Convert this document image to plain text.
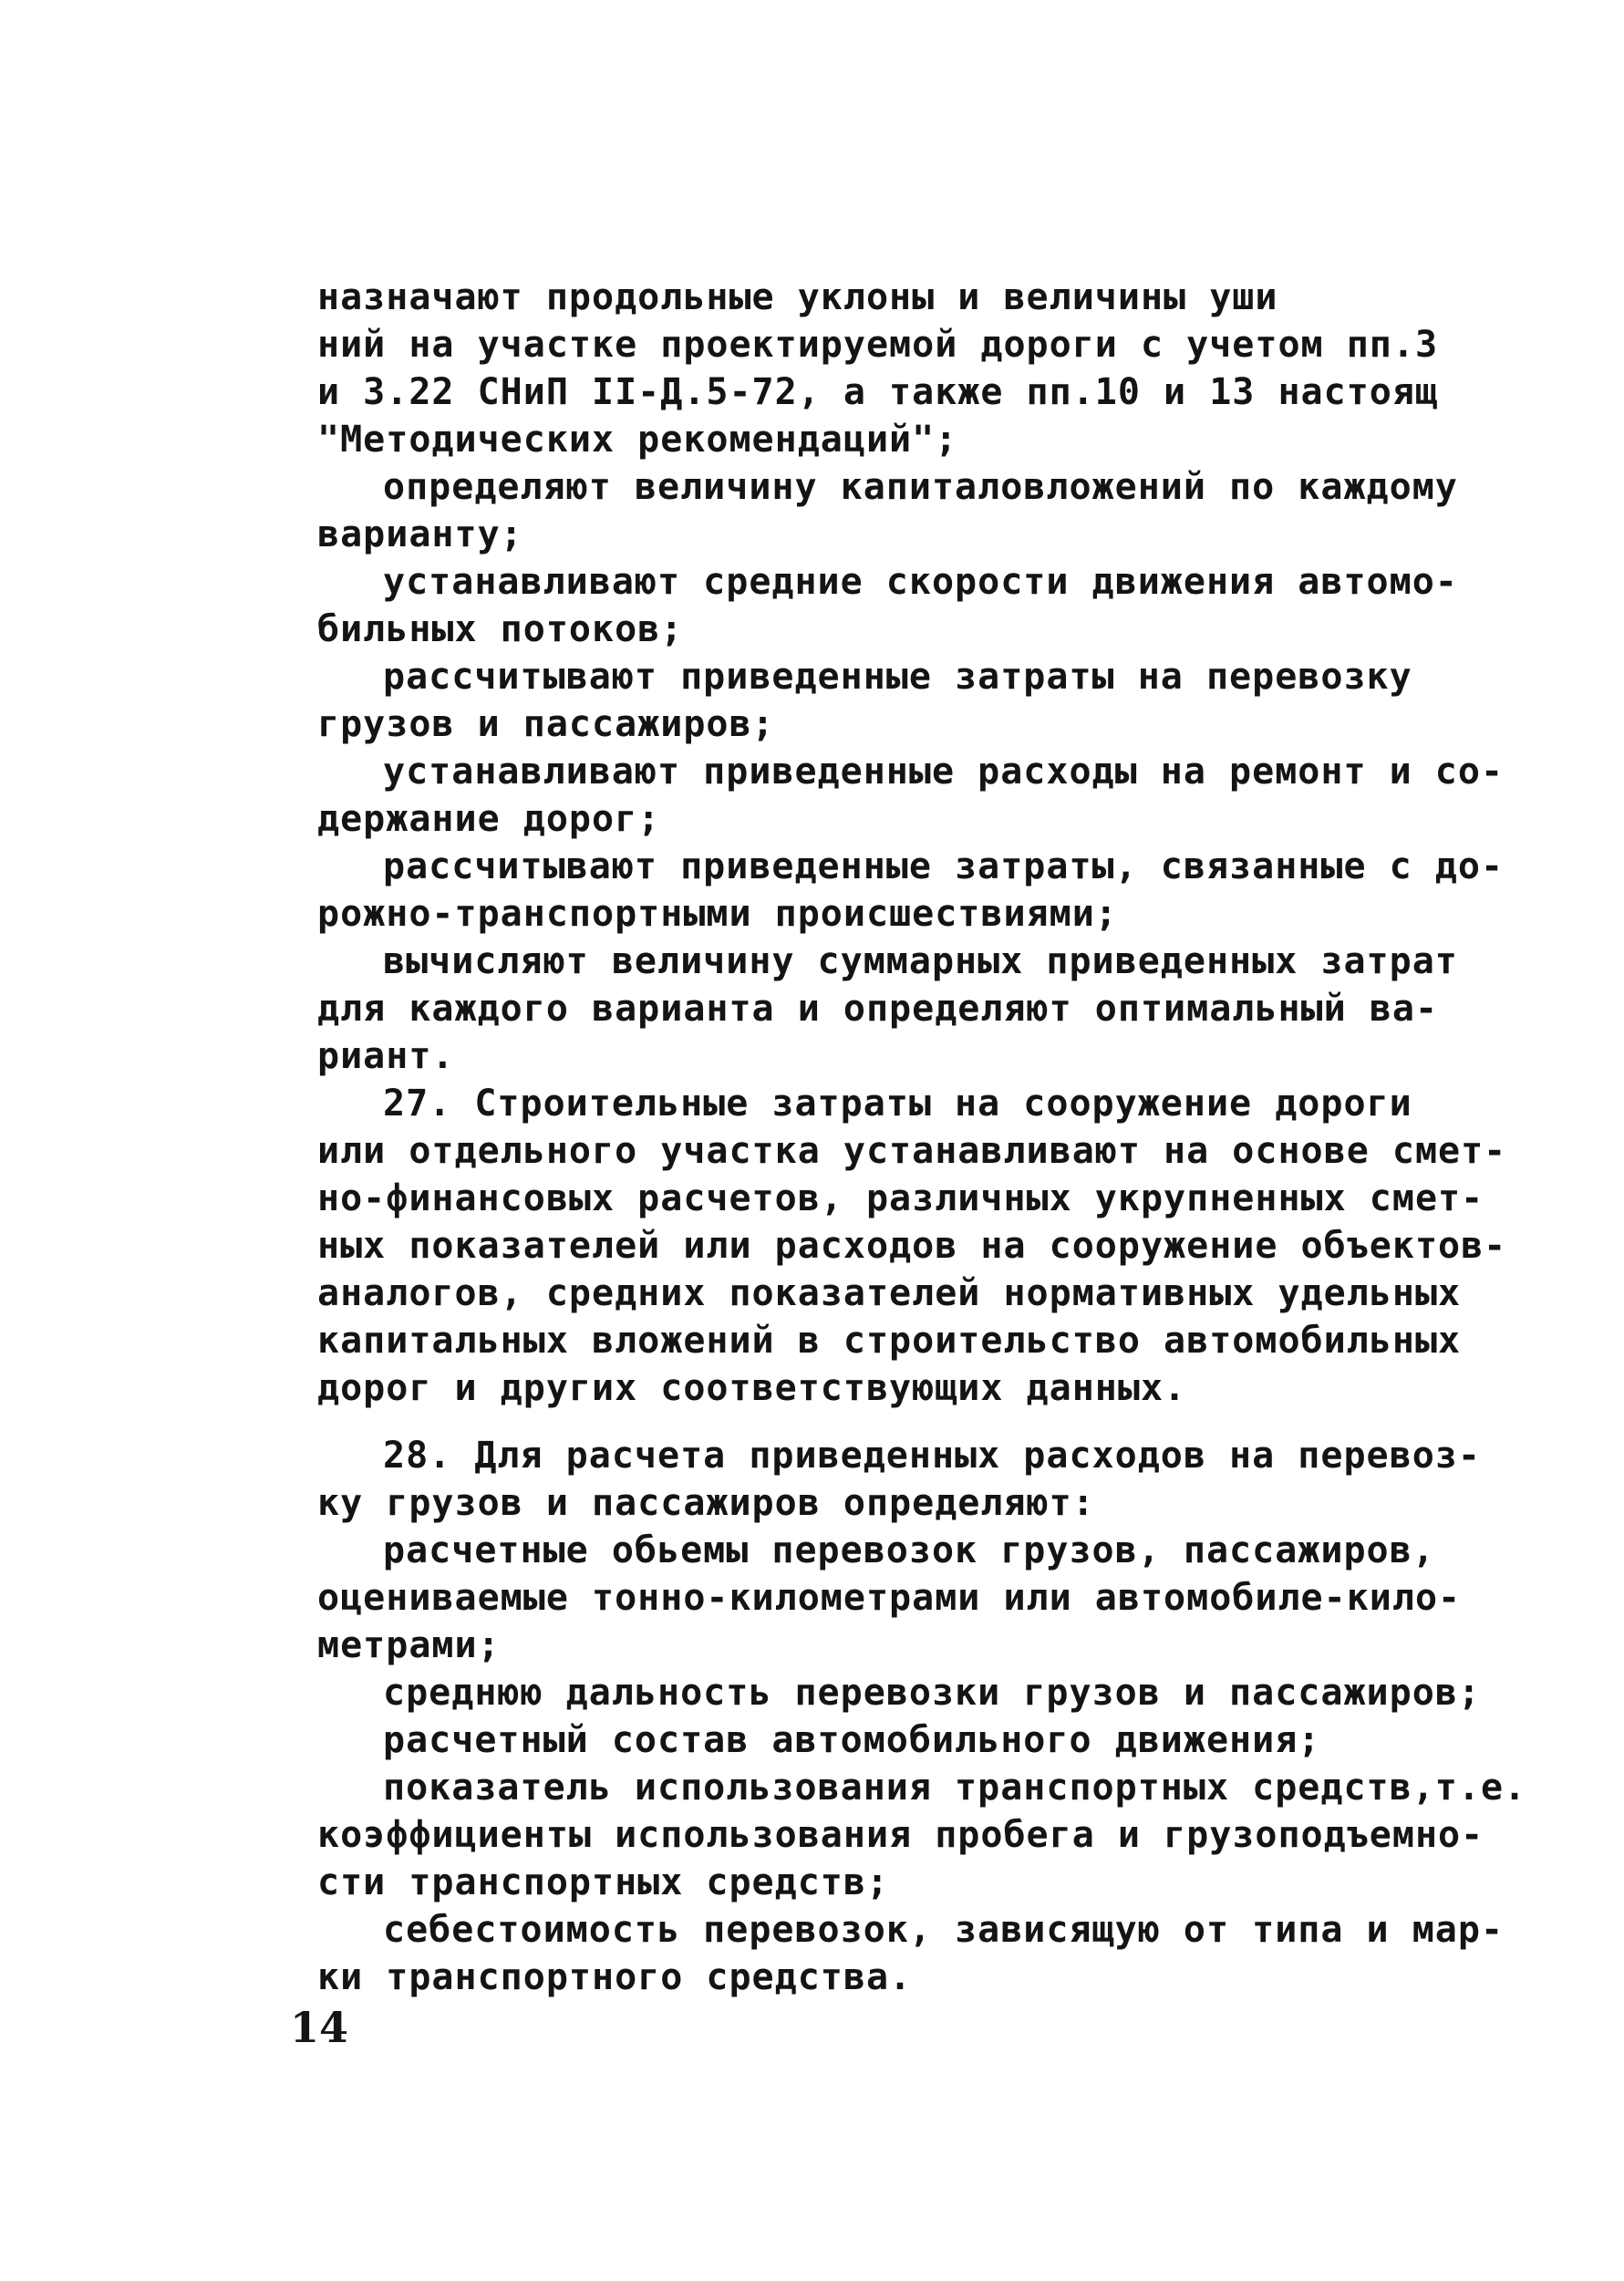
назначают продольные уклоны и величины уши
ний на участке проектируемой дороги с учетом пп.3
и 3.22 СНиП II-Д.5-72, а также пп.10 и 13 настоящ
"Методических рекомендаций";
определяют величину капиталовложений по каждому
варианту;
устанавливают средние скорости движения автомо-
бильных потоков;
рассчитывают приведенные затраты на перевозку
грузов и пассажиров;
устанавливают приведенные расходы на ремонт и со-
держание дорог;
рассчитывают приведенные затраты, связанные с до-
рожно-транспортными происшествиями;
вычисляют величину суммарных приведенных затрат
для каждого варианта и определяют оптимальный ва-
риант.
27. Строительные затраты на сооружение дороги
или отдельного участка устанавливают на основе смет-
но-финансовых расчетов, различных укрупненных смет-
ных показателей или расходов на сооружение объектов-
аналогов, средних показателей нормативных удельных
капитальных вложений в строительство автомобильных
дорог и других соответствующих данных.
28. Для расчета приведенных расходов на перевоз-
ку грузов и пассажиров определяют:
расчетные обьемы перевозок грузов, пассажиров,
оцениваемые тонно-километрами или автомобиле-кило-
метрами;
среднюю дальность перевозки грузов и пассажиров;
расчетный состав автомобильного движения;
показатель использования транспортных средств,т.е.
коэффициенты использования пробега и грузоподъемно-
сти транспортных средств;
себестоимость перевозок, зависящую от типа и мар-
ки транспортного средства.
14
